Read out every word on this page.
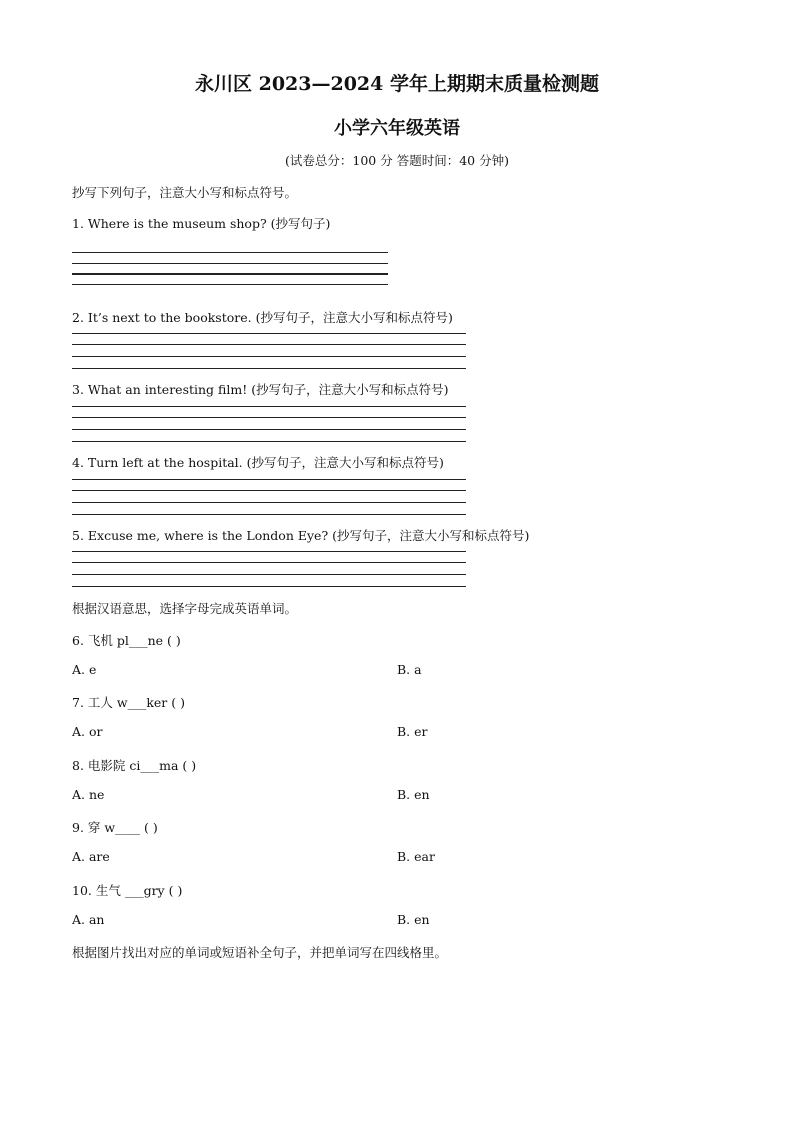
永川区 2023—2024 学年上期期末质量检测题
小学六年级英语
(试卷总分：100 分 答题时间：40 分钟)
抄写下列句子，注意大小写和标点符号。
1. Where is the museum shop? (抄写句子)
2. It’s next to the bookstore. (抄写句子，注意大小写和标点符号)
3. What an interesting film! (抄写句子，注意大小写和标点符号)
4. Turn left at the hospital. (抄写句子，注意大小写和标点符号)
5. Excuse me, where is the London Eye? (抄写句子，注意大小写和标点符号)
根据汉语意思，选择字母完成英语单词。
6. 飞机 pl___ne ( )
A. e	B. a
7. 工人 w___ker ( )
A. or	B. er
8. 电影院 ci___ma ( )
A. ne	B. en
9. 穿 w____ ( )
A. are	B. ear
10. 生气 ___gry ( )
A. an	B. en
根据图片找出对应的单词或短语补全句子，并把单词写在四线格里。
